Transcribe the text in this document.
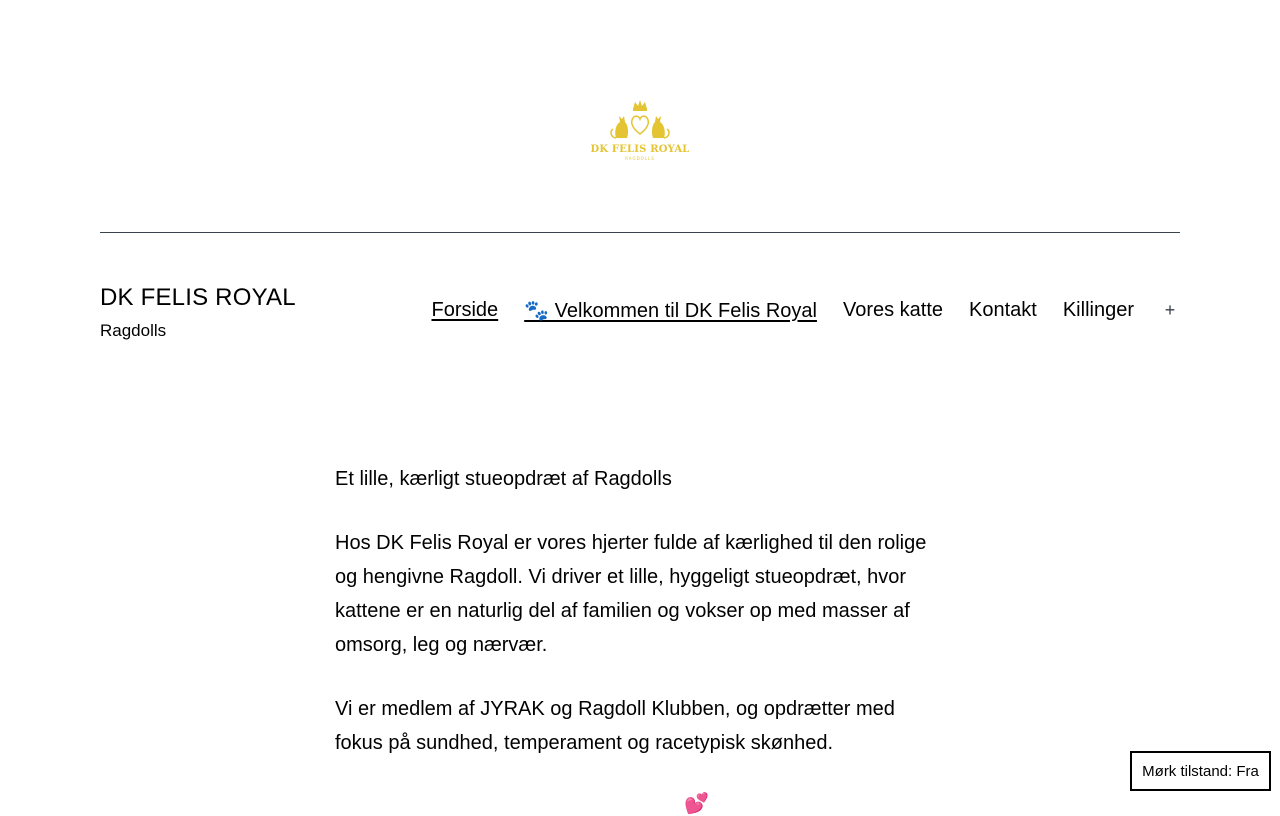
DK FELIS ROYAL
RAGDOLLS
DK FELIS ROYAL
Ragdolls
Forside 🐾 Velkommen til DK Felis Royal Vores katte Kontakt Killinger +

Et lille, kærligt stueopdræt af Ragdolls

Hos DK Felis Royal er vores hjerter fulde af kærlighed til den rolige og hengivne Ragdoll. Vi driver et lille, hyggeligt stueopdræt, hvor kattene er en naturlig del af familien og vokser op med masser af omsorg, leg og nærvær.

Vi er medlem af JYRAK og Ragdoll Klubben, og opdrætter med fokus på sundhed, temperament og racetypisk skønhed.

💕
Mørk tilstand: Fra
